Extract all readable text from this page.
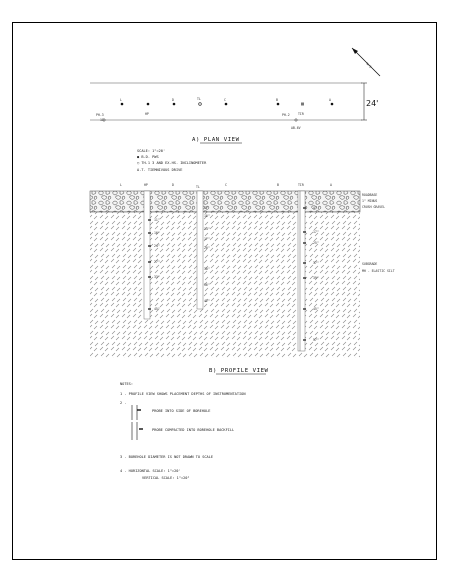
24'
N-S
PH-3
11
PH-2
AB-6V
L
HP
D	TL	C	B
TIR
A
A) PLAN VIEW
SCALE: 1"=20'
● B.D. PWS
○ TH.1 3 AND EX.HS. INCLINOMETER
A.T. TIEMNIVOUS DRIVE
L	HP	D	TL	C	B	TIR	A
11"
16"
24"
27"
33"
45"
4"
10"
14"
17"
20"
30"
36"
42"
4"
17"
25"
37"
39"
45"
57"
ROADBASE
1" MINUS
CRUSH GRAVEL
SUBGRADE
MH - ELASTIC SILT
B) PROFILE VIEW
NOTES:
1 - PROFILE VIEW SHOWS PLACEMENT DEPTHS OF INSTRUMENTATION
2 -
PROBE INTO SIDE OF BOREHOLE
PROBE COMPACTED INTO BOREHOLE BACKFILL
3 - BOREHOLE DIAMETER IS NOT DRAWN TO SCALE
4 - HORIZONTAL SCALE: 1"=20'
VERTICAL SCALE: 1"=20"
